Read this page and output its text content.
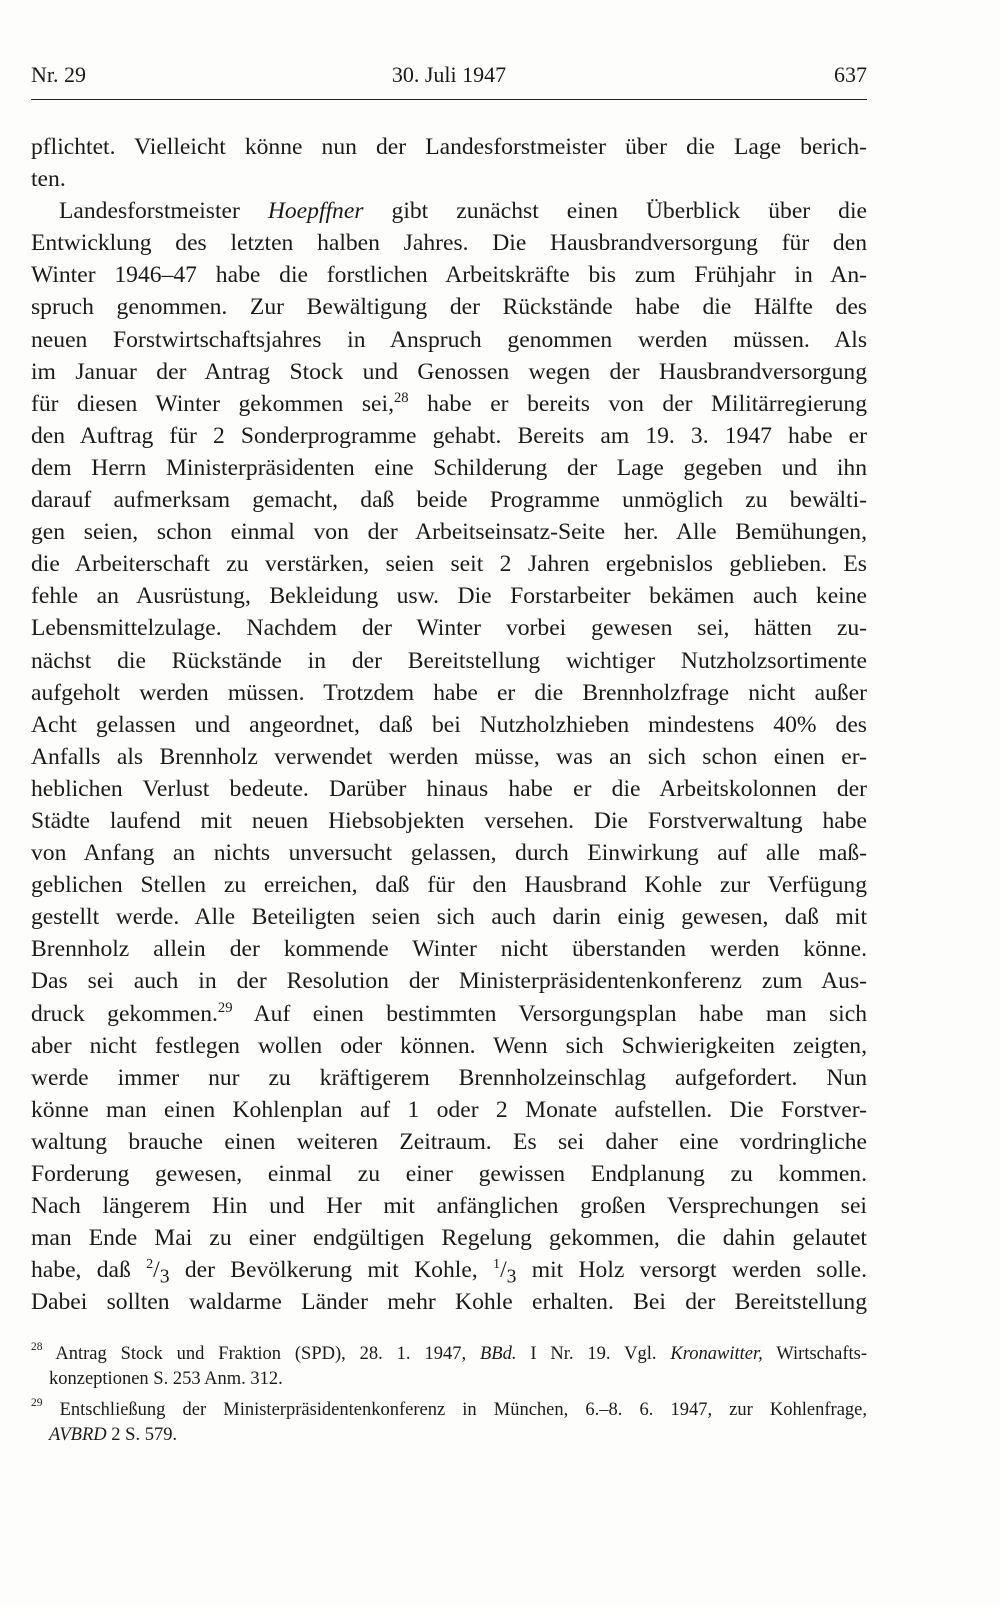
Nr. 29	30. Juli 1947	637
pflichtet. Vielleicht könne nun der Landesforstmeister über die Lage berich-
ten.
Landesforstmeister Hoepffner gibt zunächst einen Überblick über die
Entwicklung des letzten halben Jahres. Die Hausbrandversorgung für den
Winter 1946–47 habe die forstlichen Arbeitskräfte bis zum Frühjahr in An-
spruch genommen. Zur Bewältigung der Rückstände habe die Hälfte des
neuen Forstwirtschaftsjahres in Anspruch genommen werden müssen. Als
im Januar der Antrag Stock und Genossen wegen der Hausbrandversorgung
für diesen Winter gekommen sei,$^{28}$ habe er bereits von der Militärregierung
den Auftrag für 2 Sonderprogramme gehabt. Bereits am 19. 3. 1947 habe er
dem Herrn Ministerpräsidenten eine Schilderung der Lage gegeben und ihn
darauf aufmerksam gemacht, daß beide Programme unmöglich zu bewälti-
gen seien, schon einmal von der Arbeitseinsatz-Seite her. Alle Bemühungen,
die Arbeiterschaft zu verstärken, seien seit 2 Jahren ergebnislos geblieben. Es
fehle an Ausrüstung, Bekleidung usw. Die Forstarbeiter bekämen auch keine
Lebensmittelzulage. Nachdem der Winter vorbei gewesen sei, hätten zu-
nächst die Rückstände in der Bereitstellung wichtiger Nutzholzsortimente
aufgeholt werden müssen. Trotzdem habe er die Brennholzfrage nicht außer
Acht gelassen und angeordnet, daß bei Nutzholzhieben mindestens 40% des
Anfalls als Brennholz verwendet werden müsse, was an sich schon einen er-
heblichen Verlust bedeute. Darüber hinaus habe er die Arbeitskolonnen der
Städte laufend mit neuen Hiebsobjekten versehen. Die Forstverwaltung habe
von Anfang an nichts unversucht gelassen, durch Einwirkung auf alle maß-
geblichen Stellen zu erreichen, daß für den Hausbrand Kohle zur Verfügung
gestellt werde. Alle Beteiligten seien sich auch darin einig gewesen, daß mit
Brennholz allein der kommende Winter nicht überstanden werden könne.
Das sei auch in der Resolution der Ministerpräsidentenkonferenz zum Aus-
druck gekommen.$^{29}$ Auf einen bestimmten Versorgungsplan habe man sich
aber nicht festlegen wollen oder können. Wenn sich Schwierigkeiten zeigten,
werde immer nur zu kräftigerem Brennholzeinschlag aufgefordert. Nun
könne man einen Kohlenplan auf 1 oder 2 Monate aufstellen. Die Forstver-
waltung brauche einen weiteren Zeitraum. Es sei daher eine vordringliche
Forderung gewesen, einmal zu einer gewissen Endplanung zu kommen.
Nach längerem Hin und Her mit anfänglichen großen Versprechungen sei
man Ende Mai zu einer endgültigen Regelung gekommen, die dahin gelautet
habe, daß $^2/_3$ der Bevölkerung mit Kohle, $^1/_3$ mit Holz versorgt werden solle.
Dabei sollten waldarme Länder mehr Kohle erhalten. Bei der Bereitstellung
$^{28}$ Antrag Stock und Fraktion (SPD), 28. 1. 1947, BBd. I Nr. 19. Vgl. Kronawitter, Wirtschafts-
konzeptionen S. 253 Anm. 312.
$^{29}$ Entschließung der Ministerpräsidentenkonferenz in München, 6.–8. 6. 1947, zur Kohlenfrage,
AVBRD 2 S. 579.
